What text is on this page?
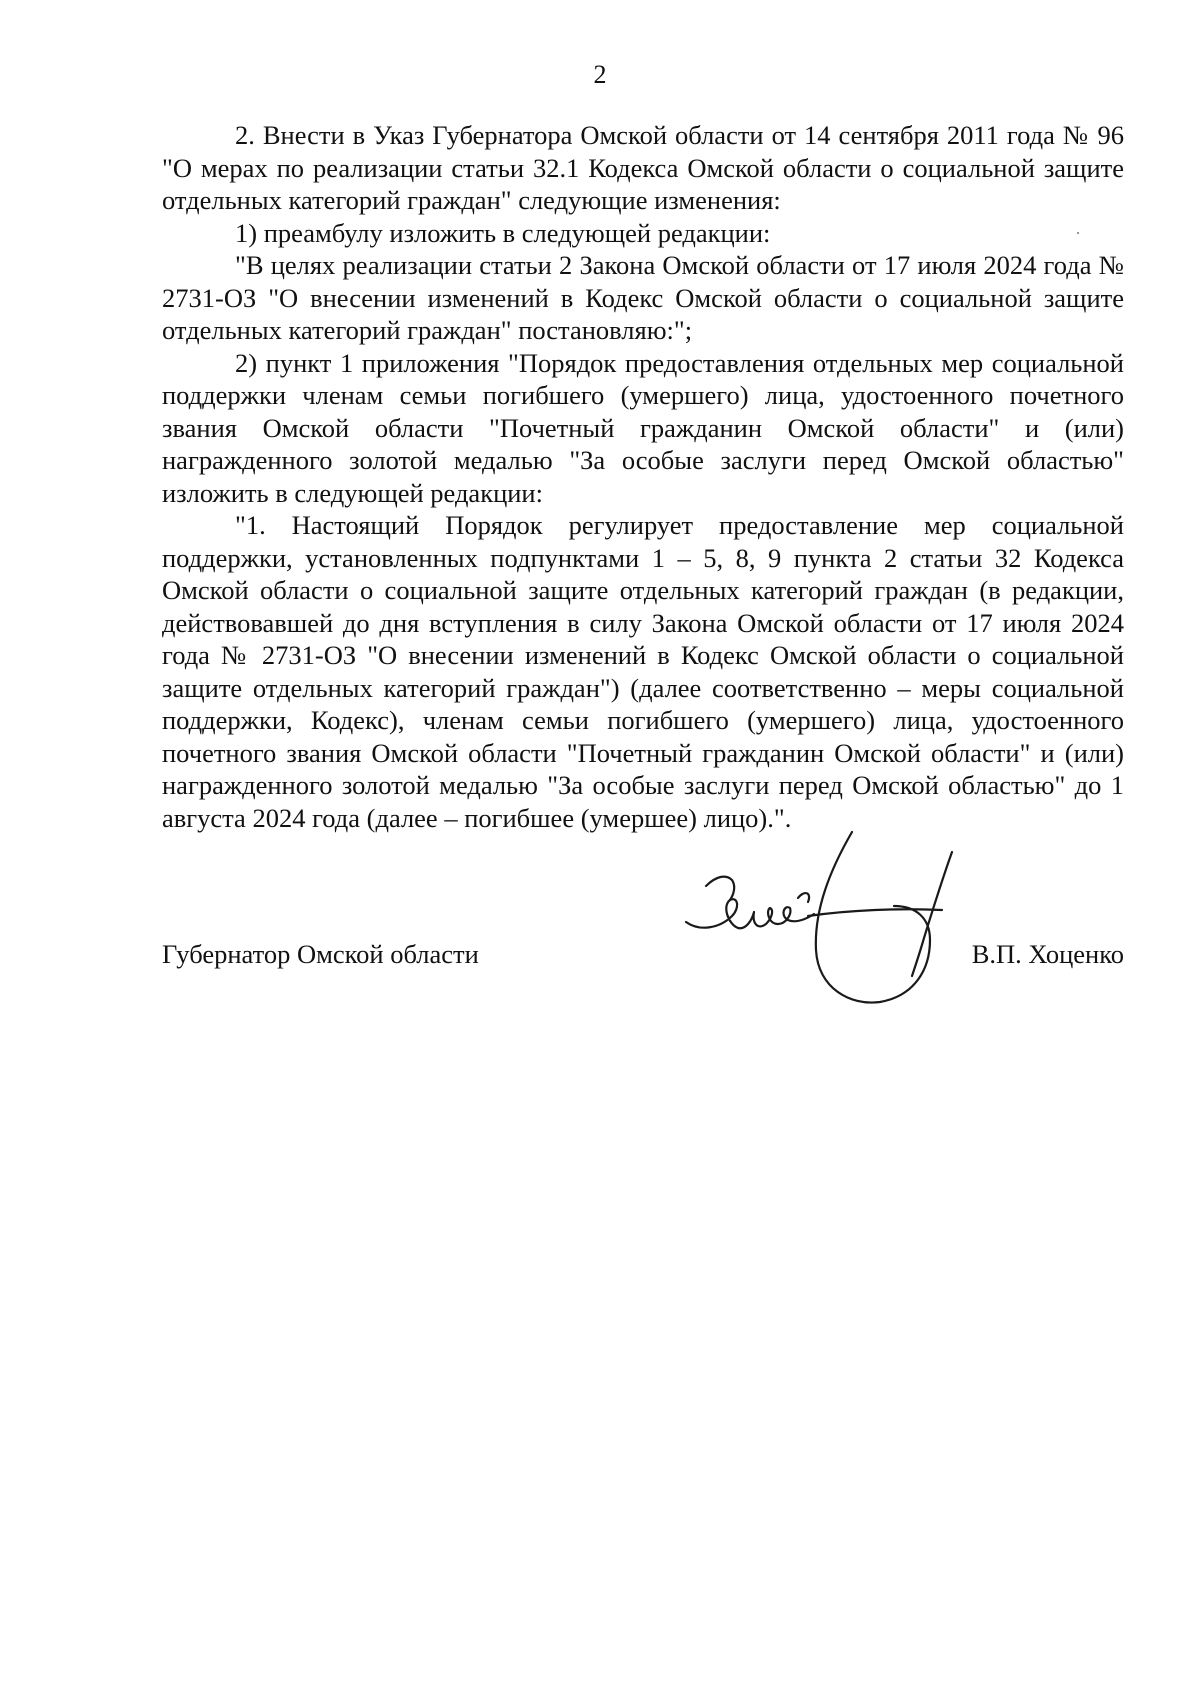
2

2. Внести в Указ Губернатора Омской области от 14 сентября 2011 года № 96 "О мерах по реализации статьи 32.1 Кодекса Омской области о социальной защите отдельных категорий граждан" следующие изменения:

1) преамбулу изложить в следующей редакции:

"В целях реализации статьи 2 Закона Омской области от 17 июля 2024 года № 2731-ОЗ "О внесении изменений в Кодекс Омской области о социальной защите отдельных категорий граждан" постановляю:";

2) пункт 1 приложения "Порядок предоставления отдельных мер социальной поддержки членам семьи погибшего (умершего) лица, удостоенного почетного звания Омской области "Почетный гражданин Омской области" и (или) награжденного золотой медалью "За особые заслуги перед Омской областью" изложить в следующей редакции:

"1. Настоящий Порядок регулирует предоставление мер социальной поддержки, установленных подпунктами 1 – 5, 8, 9 пункта 2 статьи 32 Кодекса Омской области о социальной защите отдельных категорий граждан (в редакции, действовавшей до дня вступления в силу Закона Омской области от 17 июля 2024 года № 2731-ОЗ "О внесении изменений в Кодекс Омской области о социальной защите отдельных категорий граждан") (далее соответственно – меры социальной поддержки, Кодекс), членам семьи погибшего (умершего) лица, удостоенного почетного звания Омской области "Почетный гражданин Омской области" и (или) награжденного золотой медалью "За особые заслуги перед Омской областью" до 1 августа 2024 года (далее – погибшее (умершее) лицо).".

Губернатор Омской области	В.П. Хоценко
